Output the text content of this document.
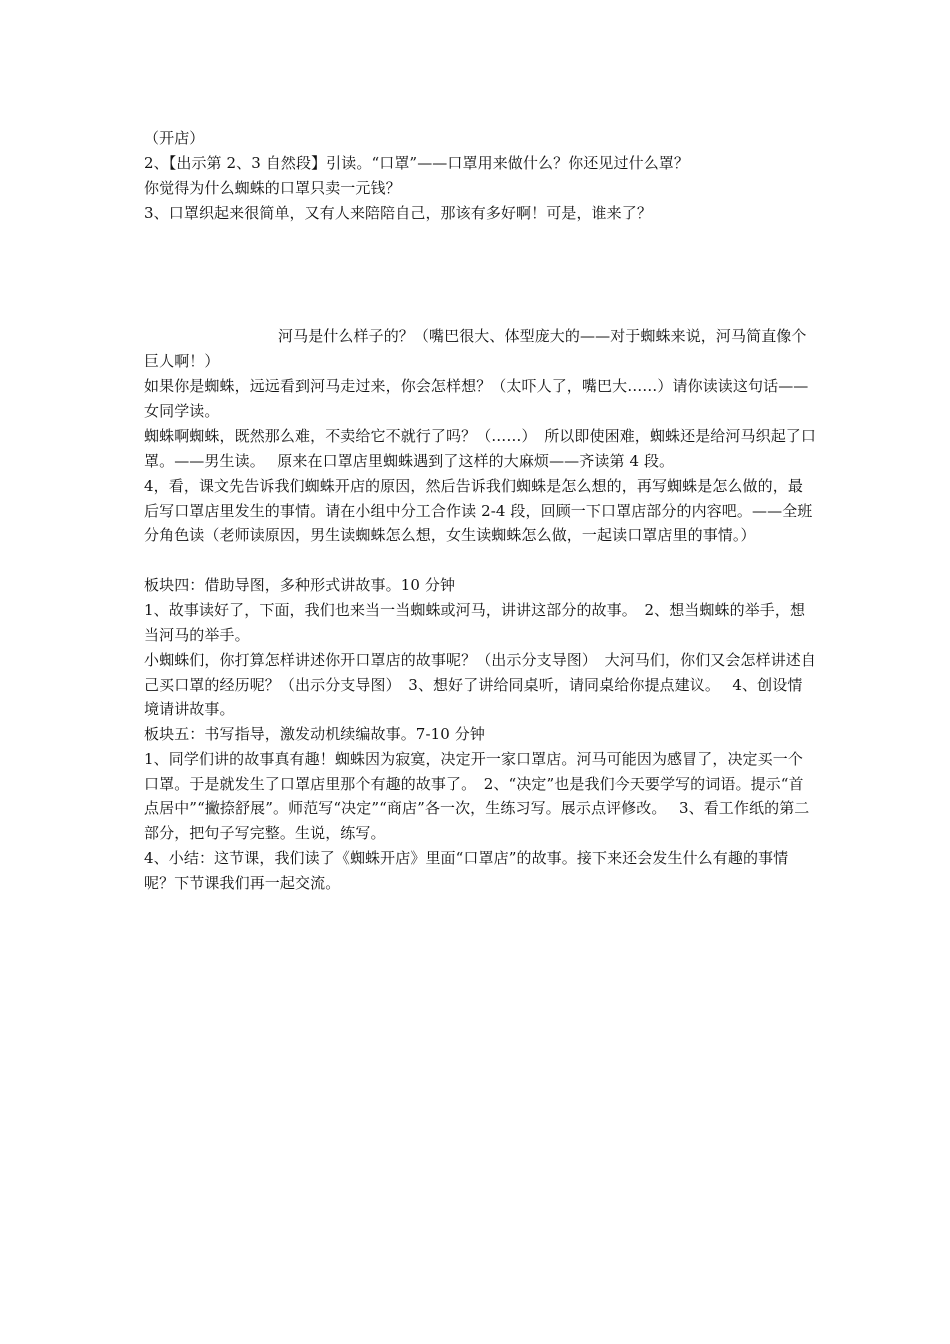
（开店）

2、【出示第 2、3 自然段】引读。“口罩”——口罩用来做什么？你还见过什么罩？

你觉得为什么蜘蛛的口罩只卖一元钱？

3、口罩织起来很简单，又有人来陪陪自己，那该有多好啊！可是，谁来了？

河马是什么样子的？（嘴巴很大、体型庞大的——对于蜘蛛来说，河马简直像个巨人啊！）

如果你是蜘蛛，远远看到河马走过来，你会怎样想？（太吓人了，嘴巴大……）请你读读这句话——女同学读。

蜘蛛啊蜘蛛，既然那么难，不卖给它不就行了吗？（……）　所以即使困难，蜘蛛还是给河马织起了口罩。——男生读。　 原来在口罩店里蜘蛛遇到了这样的大麻烦——齐读第 4 段。

4，看，课文先告诉我们蜘蛛开店的原因，然后告诉我们蜘蛛是怎么想的，再写蜘蛛是怎么做的，最后写口罩店里发生的事情。请在小组中分工合作读 2-4 段，回顾一下口罩店部分的内容吧。——全班分角色读（老师读原因，男生读蜘蛛怎么想，女生读蜘蛛怎么做，一起读口罩店里的事情。）

板块四：借助导图，多种形式讲故事。10 分钟

1、故事读好了，下面，我们也来当一当蜘蛛或河马，讲讲这部分的故事。　2、想当蜘蛛的举手，想当河马的举手。

小蜘蛛们，你打算怎样讲述你开口罩店的故事呢？（出示分支导图）　大河马们，你们又会怎样讲述自己买口罩的经历呢？（出示分支导图）　3、想好了讲给同桌听，请同桌给你提点建议。　 4、创设情境请讲故事。

板块五：书写指导，激发动机续编故事。7-10 分钟

1、同学们讲的故事真有趣！蜘蛛因为寂寞，决定开一家口罩店。河马可能因为感冒了，决定买一个口罩。于是就发生了口罩店里那个有趣的故事了。　2、“决定”也是我们今天要学写的词语。提示“首点居中”“撇捺舒展”。师范写“决定”“商店”各一次，生练习写。展示点评修改。　 3、看工作纸的第二部分，把句子写完整。生说，练写。

4、小结：这节课，我们读了《蜘蛛开店》里面“口罩店”的故事。接下来还会发生什么有趣的事情呢？下节课我们再一起交流。
